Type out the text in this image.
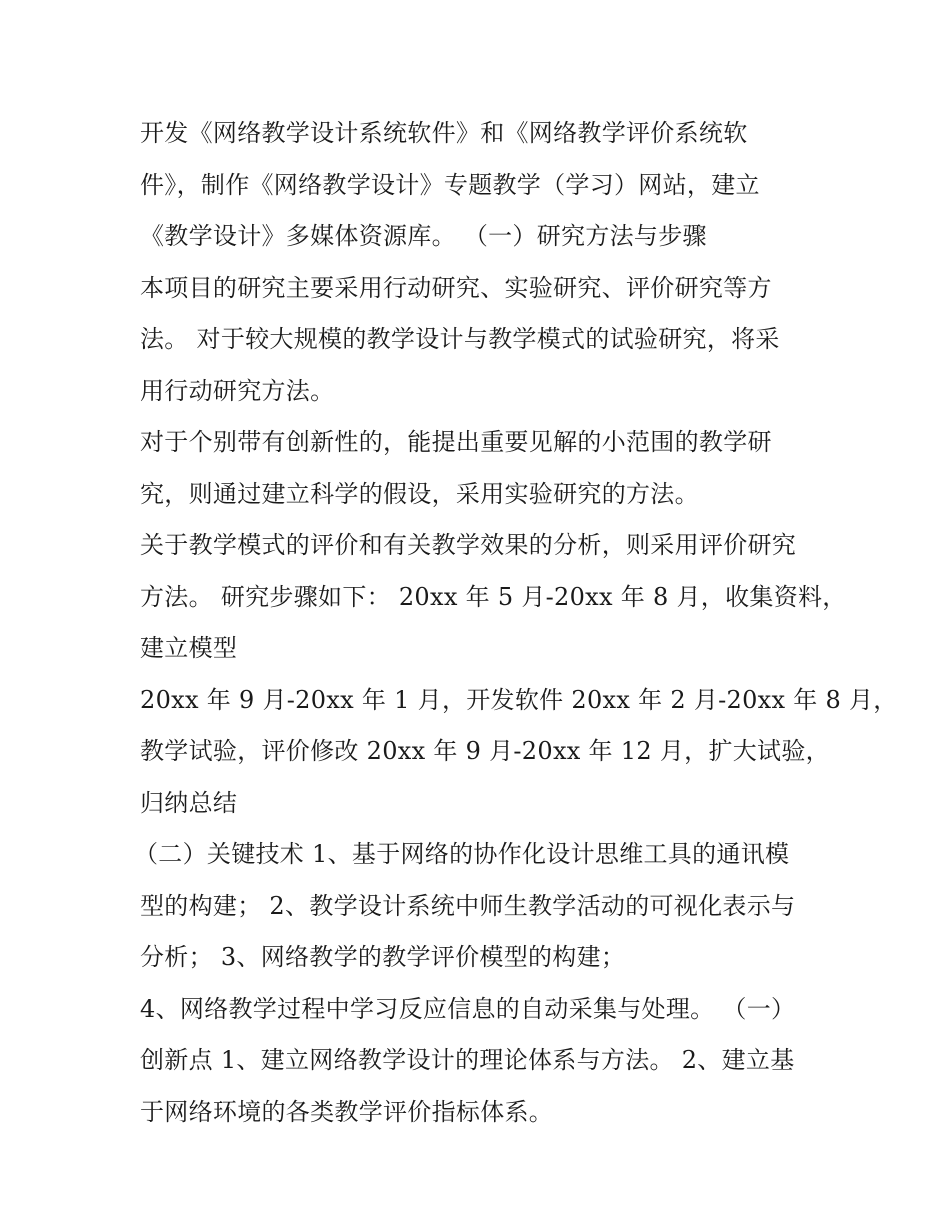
开发《网络教学设计系统软件》和《网络教学评价系统软
件》，制作《网络教学设计》专题教学（学习）网站，建立
《教学设计》多媒体资源库。 （一）研究方法与步骤
本项目的研究主要采用行动研究、实验研究、评价研究等方
法。 对于较大规模的教学设计与教学模式的试验研究，将采
用行动研究方法。
对于个别带有创新性的，能提出重要见解的小范围的教学研
究，则通过建立科学的假设，采用实验研究的方法。
关于教学模式的评价和有关教学效果的分析，则采用评价研究
方法。 研究步骤如下： 20xx 年 5 月-20xx 年 8 月，收集资料，
建立模型
20xx 年 9 月-20xx 年 1 月，开发软件 20xx 年 2 月-20xx 年 8 月，
教学试验，评价修改 20xx 年 9 月-20xx 年 12 月，扩大试验，
归纳总结
（二）关键技术 1、基于网络的协作化设计思维工具的通讯模
型的构建； 2、教学设计系统中师生教学活动的可视化表示与
分析； 3、网络教学的教学评价模型的构建；
4、网络教学过程中学习反应信息的自动采集与处理。 （一）
创新点 1、建立网络教学设计的理论体系与方法。 2、建立基
于网络环境的各类教学评价指标体系。
